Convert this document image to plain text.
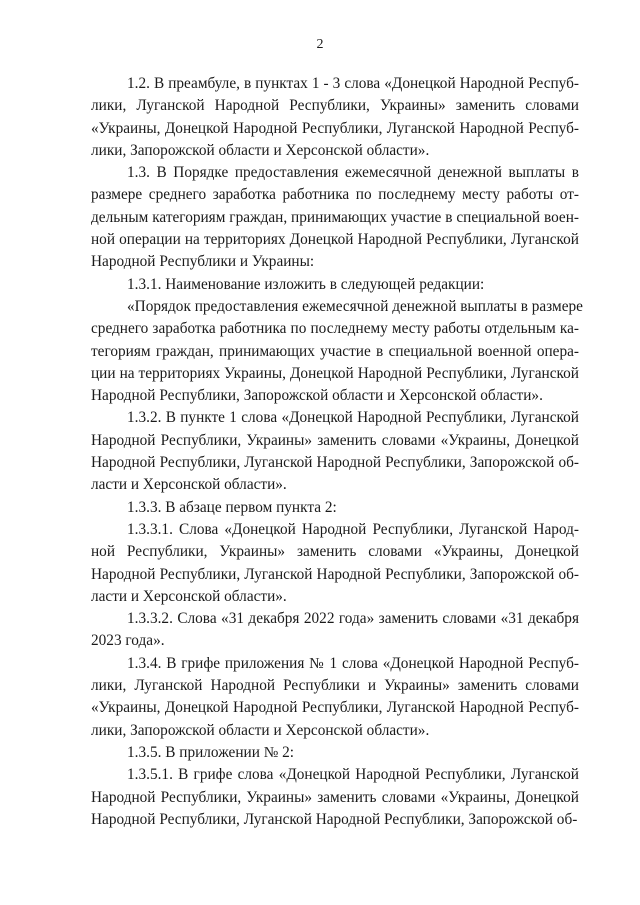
2

1.2. В преамбуле, в пунктах 1 - 3 слова «Донецкой Народной Респуб-
лики, Луганской Народной Республики, Украины» заменить словами
«Украины, Донецкой Народной Республики, Луганской Народной Респуб-
лики, Запорожской области и Херсонской области».

1.3. В Порядке предоставления ежемесячной денежной выплаты в
размере среднего заработка работника по последнему месту работы от-
дельным категориям граждан, принимающих участие в специальной воен-
ной операции на территориях Донецкой Народной Республики, Луганской
Народной Республики и Украины:

1.3.1. Наименование изложить в следующей редакции:

«Порядок предоставления ежемесячной денежной выплаты в размере
среднего заработка работника по последнему месту работы отдельным ка-
тегориям граждан, принимающих участие в специальной военной опера-
ции на территориях Украины, Донецкой Народной Республики, Луганской
Народной Республики, Запорожской области и Херсонской области».

1.3.2. В пункте 1 слова «Донецкой Народной Республики, Луганской
Народной Республики, Украины» заменить словами «Украины, Донецкой
Народной Республики, Луганской Народной Республики, Запорожской об-
ласти и Херсонской области».

1.3.3. В абзаце первом пункта 2:

1.3.3.1. Слова «Донецкой Народной Республики, Луганской Народ-
ной Республики, Украины» заменить словами «Украины, Донецкой
Народной Республики, Луганской Народной Республики, Запорожской об-
ласти и Херсонской области».

1.3.3.2. Слова «31 декабря 2022 года» заменить словами «31 декабря
2023 года».

1.3.4. В грифе приложения № 1 слова «Донецкой Народной Респуб-
лики, Луганской Народной Республики и Украины» заменить словами
«Украины, Донецкой Народной Республики, Луганской Народной Респуб-
лики, Запорожской области и Херсонской области».

1.3.5. В приложении № 2:

1.3.5.1. В грифе слова «Донецкой Народной Республики, Луганской
Народной Республики, Украины» заменить словами «Украины, Донецкой
Народной Республики, Луганской Народной Республики, Запорожской об-
